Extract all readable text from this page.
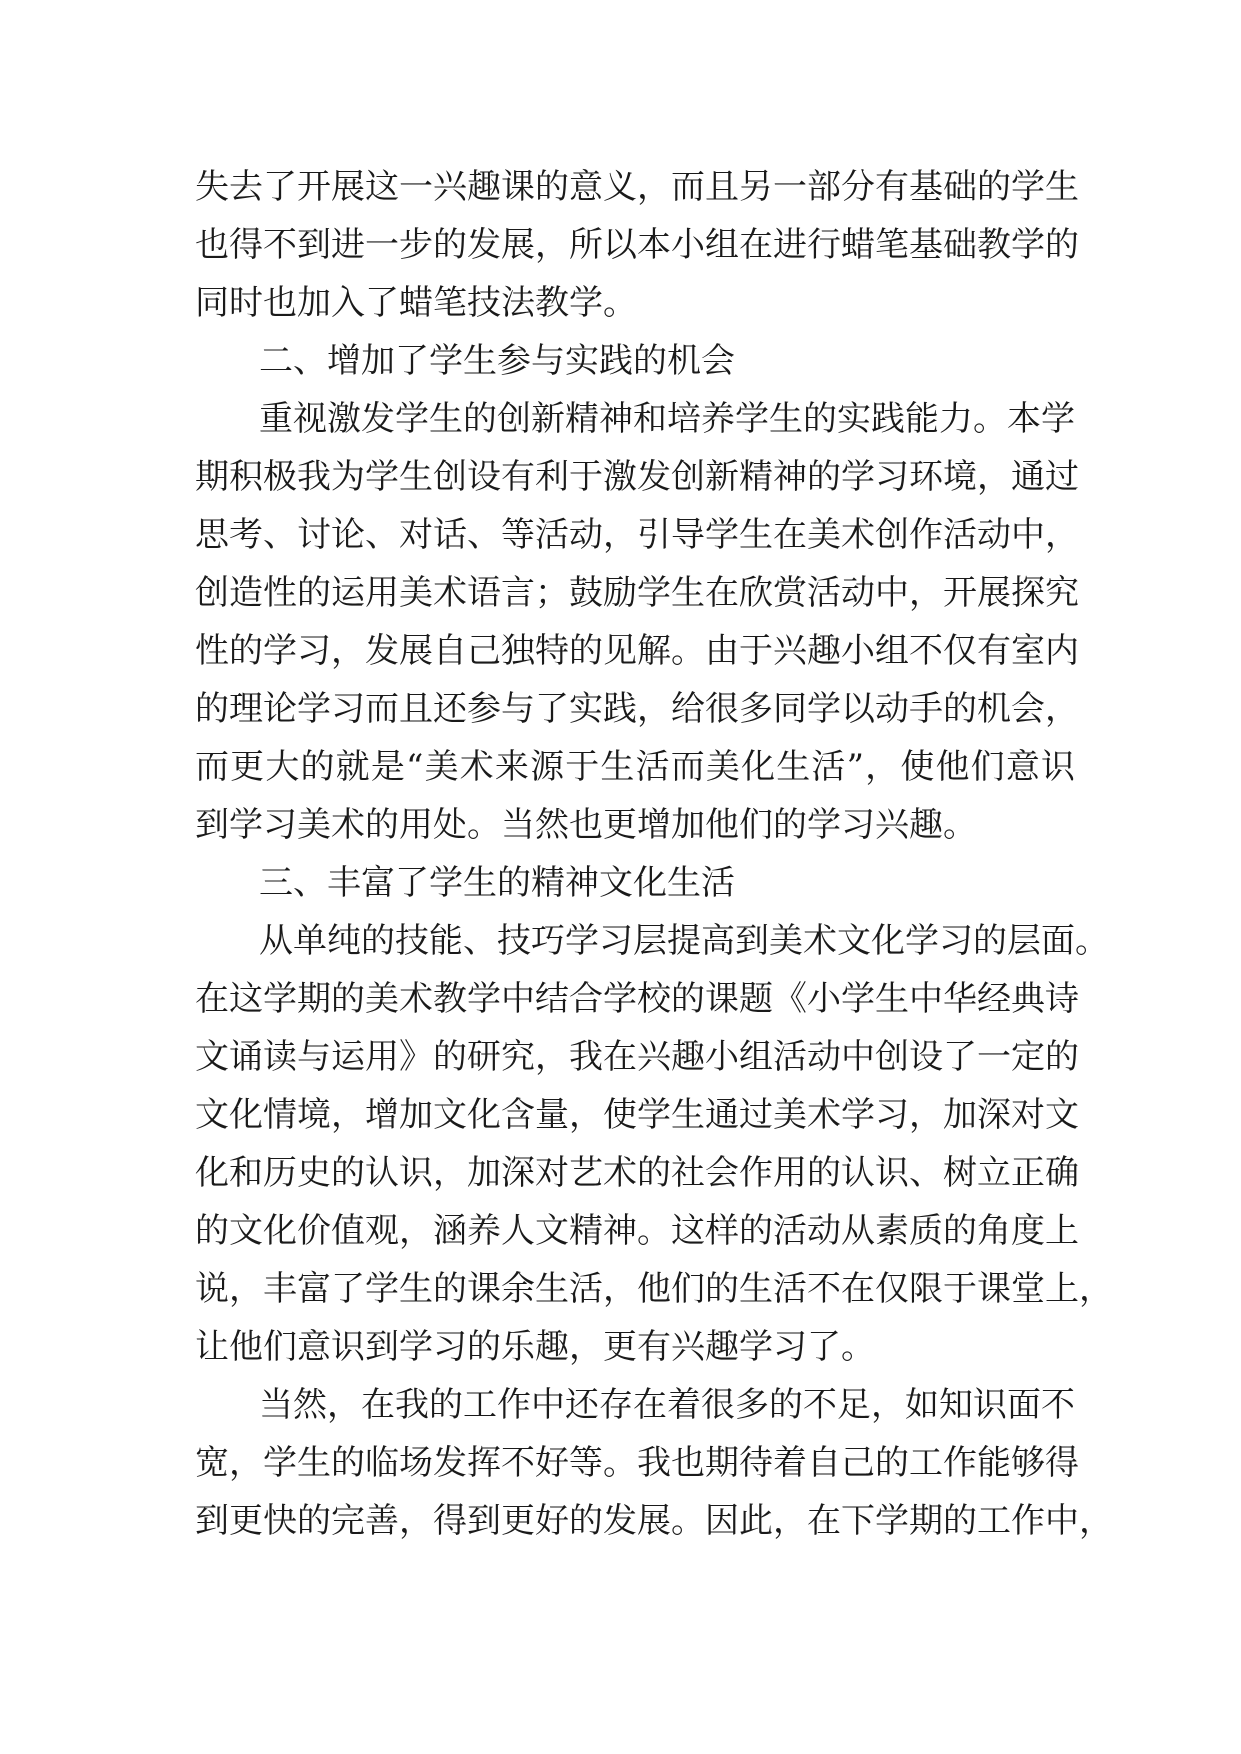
失去了开展这一兴趣课的意义，而且另一部分有基础的学生
也得不到进一步的发展，所以本小组在进行蜡笔基础教学的
同时也加入了蜡笔技法教学。
二、增加了学生参与实践的机会
重视激发学生的创新精神和培养学生的实践能力。本学
期积极我为学生创设有利于激发创新精神的学习环境，通过
思考、讨论、对话、等活动，引导学生在美术创作活动中，
创造性的运用美术语言；鼓励学生在欣赏活动中，开展探究
性的学习，发展自己独特的见解。由于兴趣小组不仅有室内
的理论学习而且还参与了实践，给很多同学以动手的机会，
而更大的就是“美术来源于生活而美化生活”，使他们意识
到学习美术的用处。当然也更增加他们的学习兴趣。
三、丰富了学生的精神文化生活
从单纯的技能、技巧学习层提高到美术文化学习的层面。
在这学期的美术教学中结合学校的课题《小学生中华经典诗
文诵读与运用》的研究，我在兴趣小组活动中创设了一定的
文化情境，增加文化含量，使学生通过美术学习，加深对文
化和历史的认识，加深对艺术的社会作用的认识、树立正确
的文化价值观，涵养人文精神。这样的活动从素质的角度上
说，丰富了学生的课余生活，他们的生活不在仅限于课堂上，
让他们意识到学习的乐趣，更有兴趣学习了。
当然，在我的工作中还存在着很多的不足，如知识面不
宽，学生的临场发挥不好等。我也期待着自己的工作能够得
到更快的完善，得到更好的发展。因此，在下学期的工作中，
